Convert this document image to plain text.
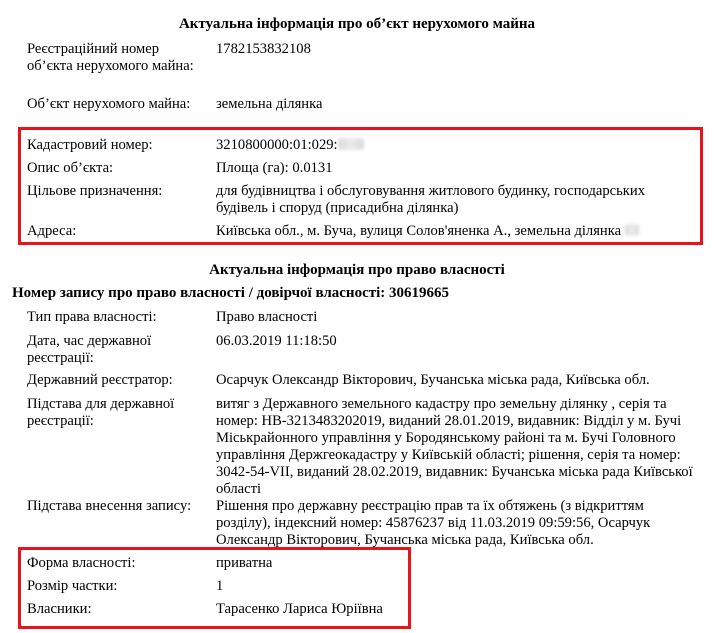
Актуальна інформація про об’єкт нерухомого майна
Реєстраційний номер об’єкта нерухомого майна:
1782153832108
Об’єкт нерухомого майна:	земельна ділянка
Кадастровий номер:	3210800000:01:029:
Опис об’єкта:	Площа (га): 0.0131
Цільове призначення:	для будівництва і обслуговування житлового будинку, господарських будівель і споруд (присадибна ділянка)
Адреса:	Київська обл., м. Буча, вулиця Солов'яненка А., земельна ділянка
Актуальна інформація про право власності
Номер запису про право власності / довірчої власності: 30619665
Тип права власності:	Право власності
Дата, час державної реєстрації:
06.03.2019 11:18:50
Державний реєстратор:	Осарчук Олександр Вікторович, Бучанська міська рада, Київська обл.
Підстава для державної реєстрації:
витяг з Державного земельного кадастру про земельну ділянку , серія та номер: НВ-3213483202019, виданий 28.01.2019, видавник: Відділ у м. Бучі Міськрайонного управління у Бородянському районі та м. Бучі Головного управління Держгеокадастру у Київській області; рішення, серія та номер: 3042-54-VII, виданий 28.02.2019, видавник: Бучанська міська рада Київської області
Підстава внесення запису:	Рішення про державну реєстрацію прав та їх обтяжень (з відкриттям розділу), індексний номер: 45876237 від 11.03.2019 09:59:56, Осарчук Олександр Вікторович, Бучанська міська рада, Київська обл.
Форма власності:	приватна
Розмір частки:	1
Власники:	Тарасенко Лариса Юріївна
